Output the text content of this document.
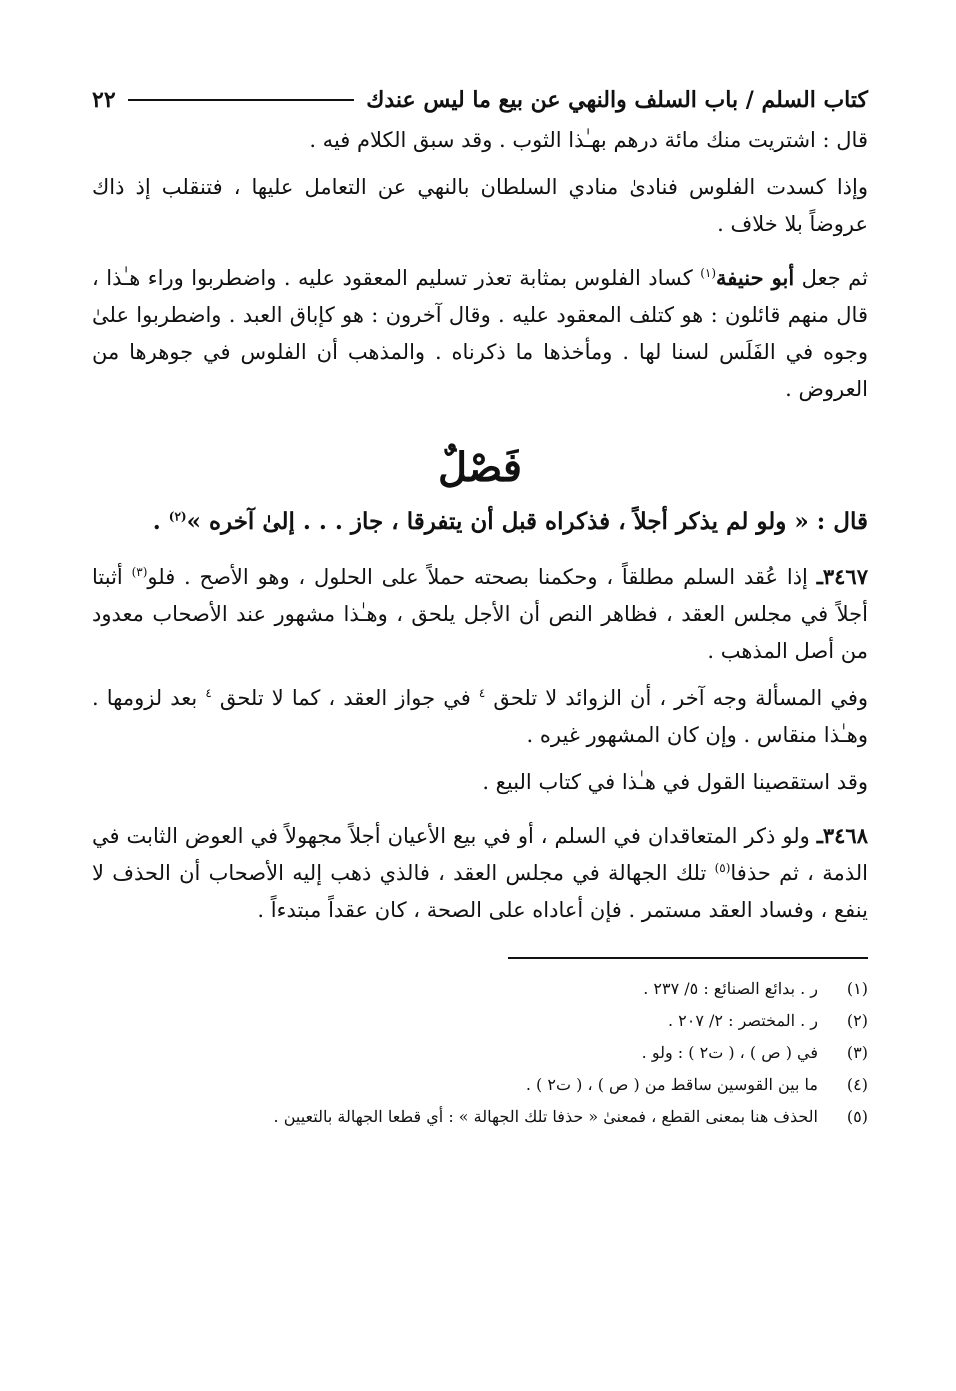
كتاب السلم / باب السلف والنهي عن بيع ما ليس عندك
٢٢

قال : اشتريت منك مائة درهم بهـٰذا الثوب . وقد سبق الكلام فيه .

وإذا كسدت الفلوس فنادىٰ منادي السلطان بالنهي عن التعامل عليها ، فتنقلب إذ ذاك عروضاً بلا خلاف .

ثم جعل أبو حنيفة$^{(١)}$ كساد الفلوس بمثابة تعذر تسليم المعقود عليه . واضطربوا وراء هـٰذا ، قال منهم قائلون : هو كتلف المعقود عليه . وقال آخرون : هو كإباق العبد . واضطربوا علىٰ وجوه في الفَلَس لسنا لها . ومأخذها ما ذكرناه . والمذهب أن الفلوس في جوهرها من العروض .

فَصْلٌ

قال : « ولو لم يذكر أجلاً ، فذكراه قبل أن يتفرقا ، جاز . . . إلىٰ آخره »$^{(٢)}$ .

٣٤٦٧ـ إذا عُقد السلم مطلقاً ، وحكمنا بصحته حملاً على الحلول ، وهو الأصح . فلو$^{(٣)}$ أثبتا أجلاً في مجلس العقد ، فظاهر النص أن الأجل يلحق ، وهـٰذا مشهور عند الأصحاب معدود من أصل المذهب .

وفي المسألة وجه آخر ، أن الزوائد لا تلحق $^٤$ في جواز العقد ، كما لا تلحق $^٤$ بعد لزومها . وهـٰذا منقاس . وإن كان المشهور غيره .

وقد استقصينا القول في هـٰذا في كتاب البيع .

٣٤٦٨ـ ولو ذكر المتعاقدان في السلم ، أو في بيع الأعيان أجلاً مجهولاً في العوض الثابت في الذمة ، ثم حذفا$^{(٥)}$ تلك الجهالة في مجلس العقد ، فالذي ذهب إليه الأصحاب أن الحذف لا ينفع ، وفساد العقد مستمر . فإن أعاداه على الصحة ، كان عقداً مبتدءاً .

(١)
ر . بدائع الصنائع : ٥/ ٢٣٧ .
(٢)
ر . المختصر : ٢/ ٢٠٧ .
(٣)
في ( ص ) ، ( ت٢ ) : ولو .
(٤)
ما بين القوسين ساقط من ( ص ) ، ( ت٢ ) .
(٥)
الحذف هنا بمعنى القطع ، فمعنىٰ « حذفا تلك الجهالة » : أي قطعا الجهالة بالتعيين .
